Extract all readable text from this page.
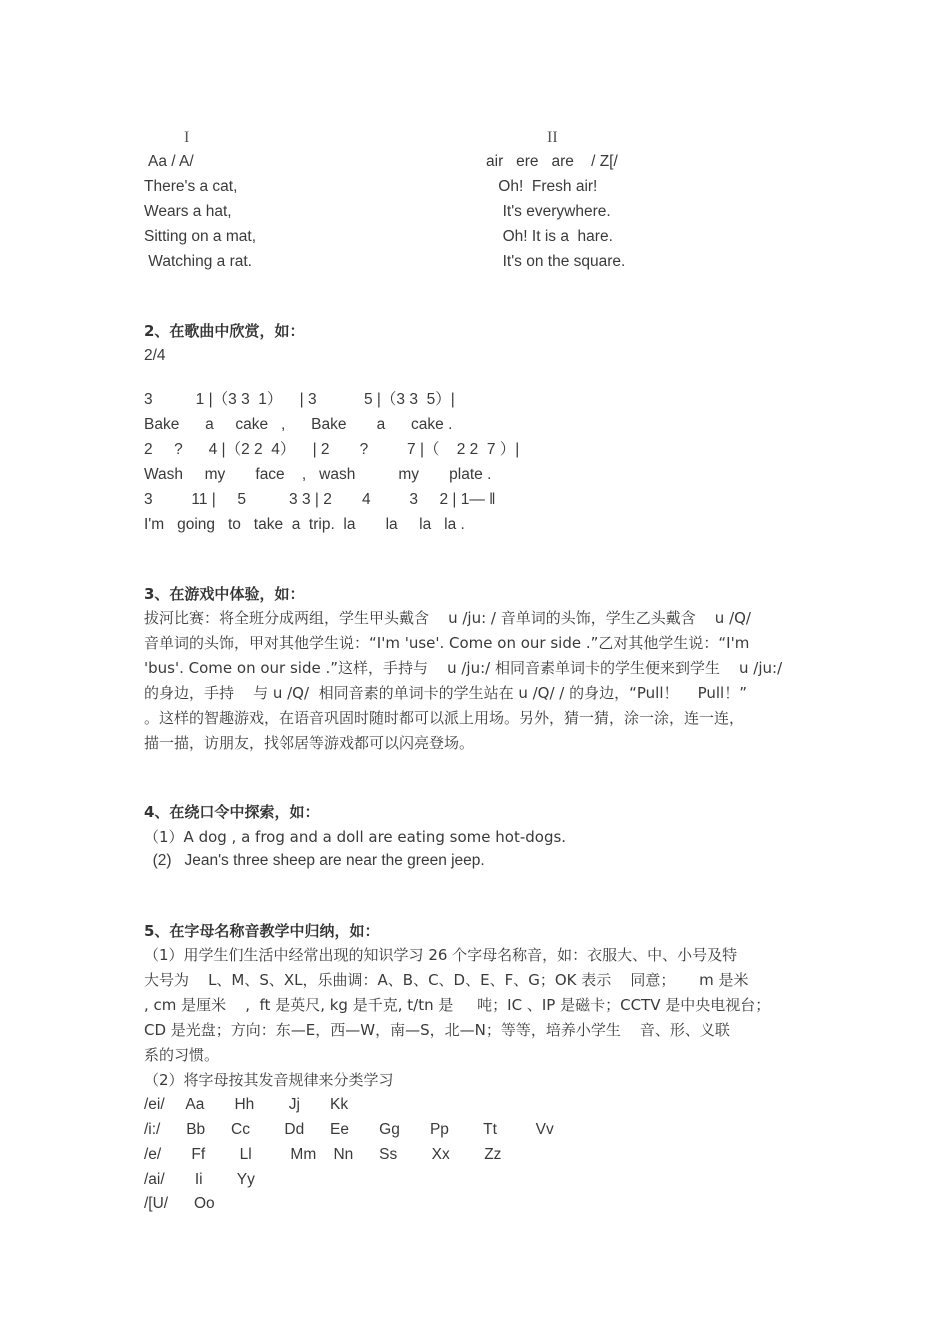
I	II
Aa / A/
There's a cat,
Wears a hat,
Sitting on a mat,
Watching a rat.
air   ere   are    / Z[/
Oh!  Fresh air!
It's everywhere.
Oh! It is a  hare.
It's on the square.
2、在歌曲中欣赏，如：
2/4
3          1 |（3 3  1）    | 3           5 |（3 3  5）|
Bake      a     cake   ,      Bake       a      cake .
2     ?      4 |（2 2  4）    | 2       ?         7 |（    2 2  7 ）|
Wash     my       face    ,   wash          my       plate .
3         11 |     5          3 3 | 2       4         3     2 | 1— ‖
I'm   going   to   take  a  trip.  la       la     la   la .
3、在游戏中体验，如：
拔河比赛：将全班分成两组，学生甲头戴含    u /ju: / 音单词的头饰，学生乙头戴含    u /Q/
音单词的头饰，甲对其他学生说：“I'm 'use'. Come on our side .”乙对其他学生说：“I'm
'bus'. Come on our side .”这样，手持与    u /ju:/ 相同音素单词卡的学生便来到学生    u /ju:/
的身边，手持    与 u /Q/  相同音素的单词卡的学生站在 u /Q/ / 的身边，“Pull！    Pull！”
。这样的智趣游戏，在语音巩固时随时都可以派上用场。另外，猜一猜，涂一涂，连一连，
描一描，访朋友，找邻居等游戏都可以闪亮登场。
4、在绕口令中探索，如：
（1）A dog , a frog and a doll are eating some hot-dogs.
(2)   Jean's three sheep are near the green jeep.
5、在字母名称音教学中归纳，如：
（1）用学生们生活中经常出现的知识学习 26 个字母名称音，如：衣服大、中、小号及特
大号为    L、M、S、XL，乐曲调：A、B、C、D、E、F、G；OK 表示    同意；     m 是米
, cm 是厘米    ,  ft 是英尺, kg 是千克, t/tn 是     吨；IC 、IP 是磁卡；CCTV 是中央电视台；
CD 是光盘；方向：东—E，西—W，南—S，北—N；等等，培养小学生    音、形、义联
系的习惯。
（2）将字母按其发音规律来分类学习
/ei/     Aa       Hh        Jj       Kk
/i:/      Bb      Cc        Dd      Ee       Gg       Pp        Tt         Vv
/e/       Ff        Ll         Mm    Nn      Ss        Xx        Zz
/ai/       Ii        Yy
/[U/      Oo
